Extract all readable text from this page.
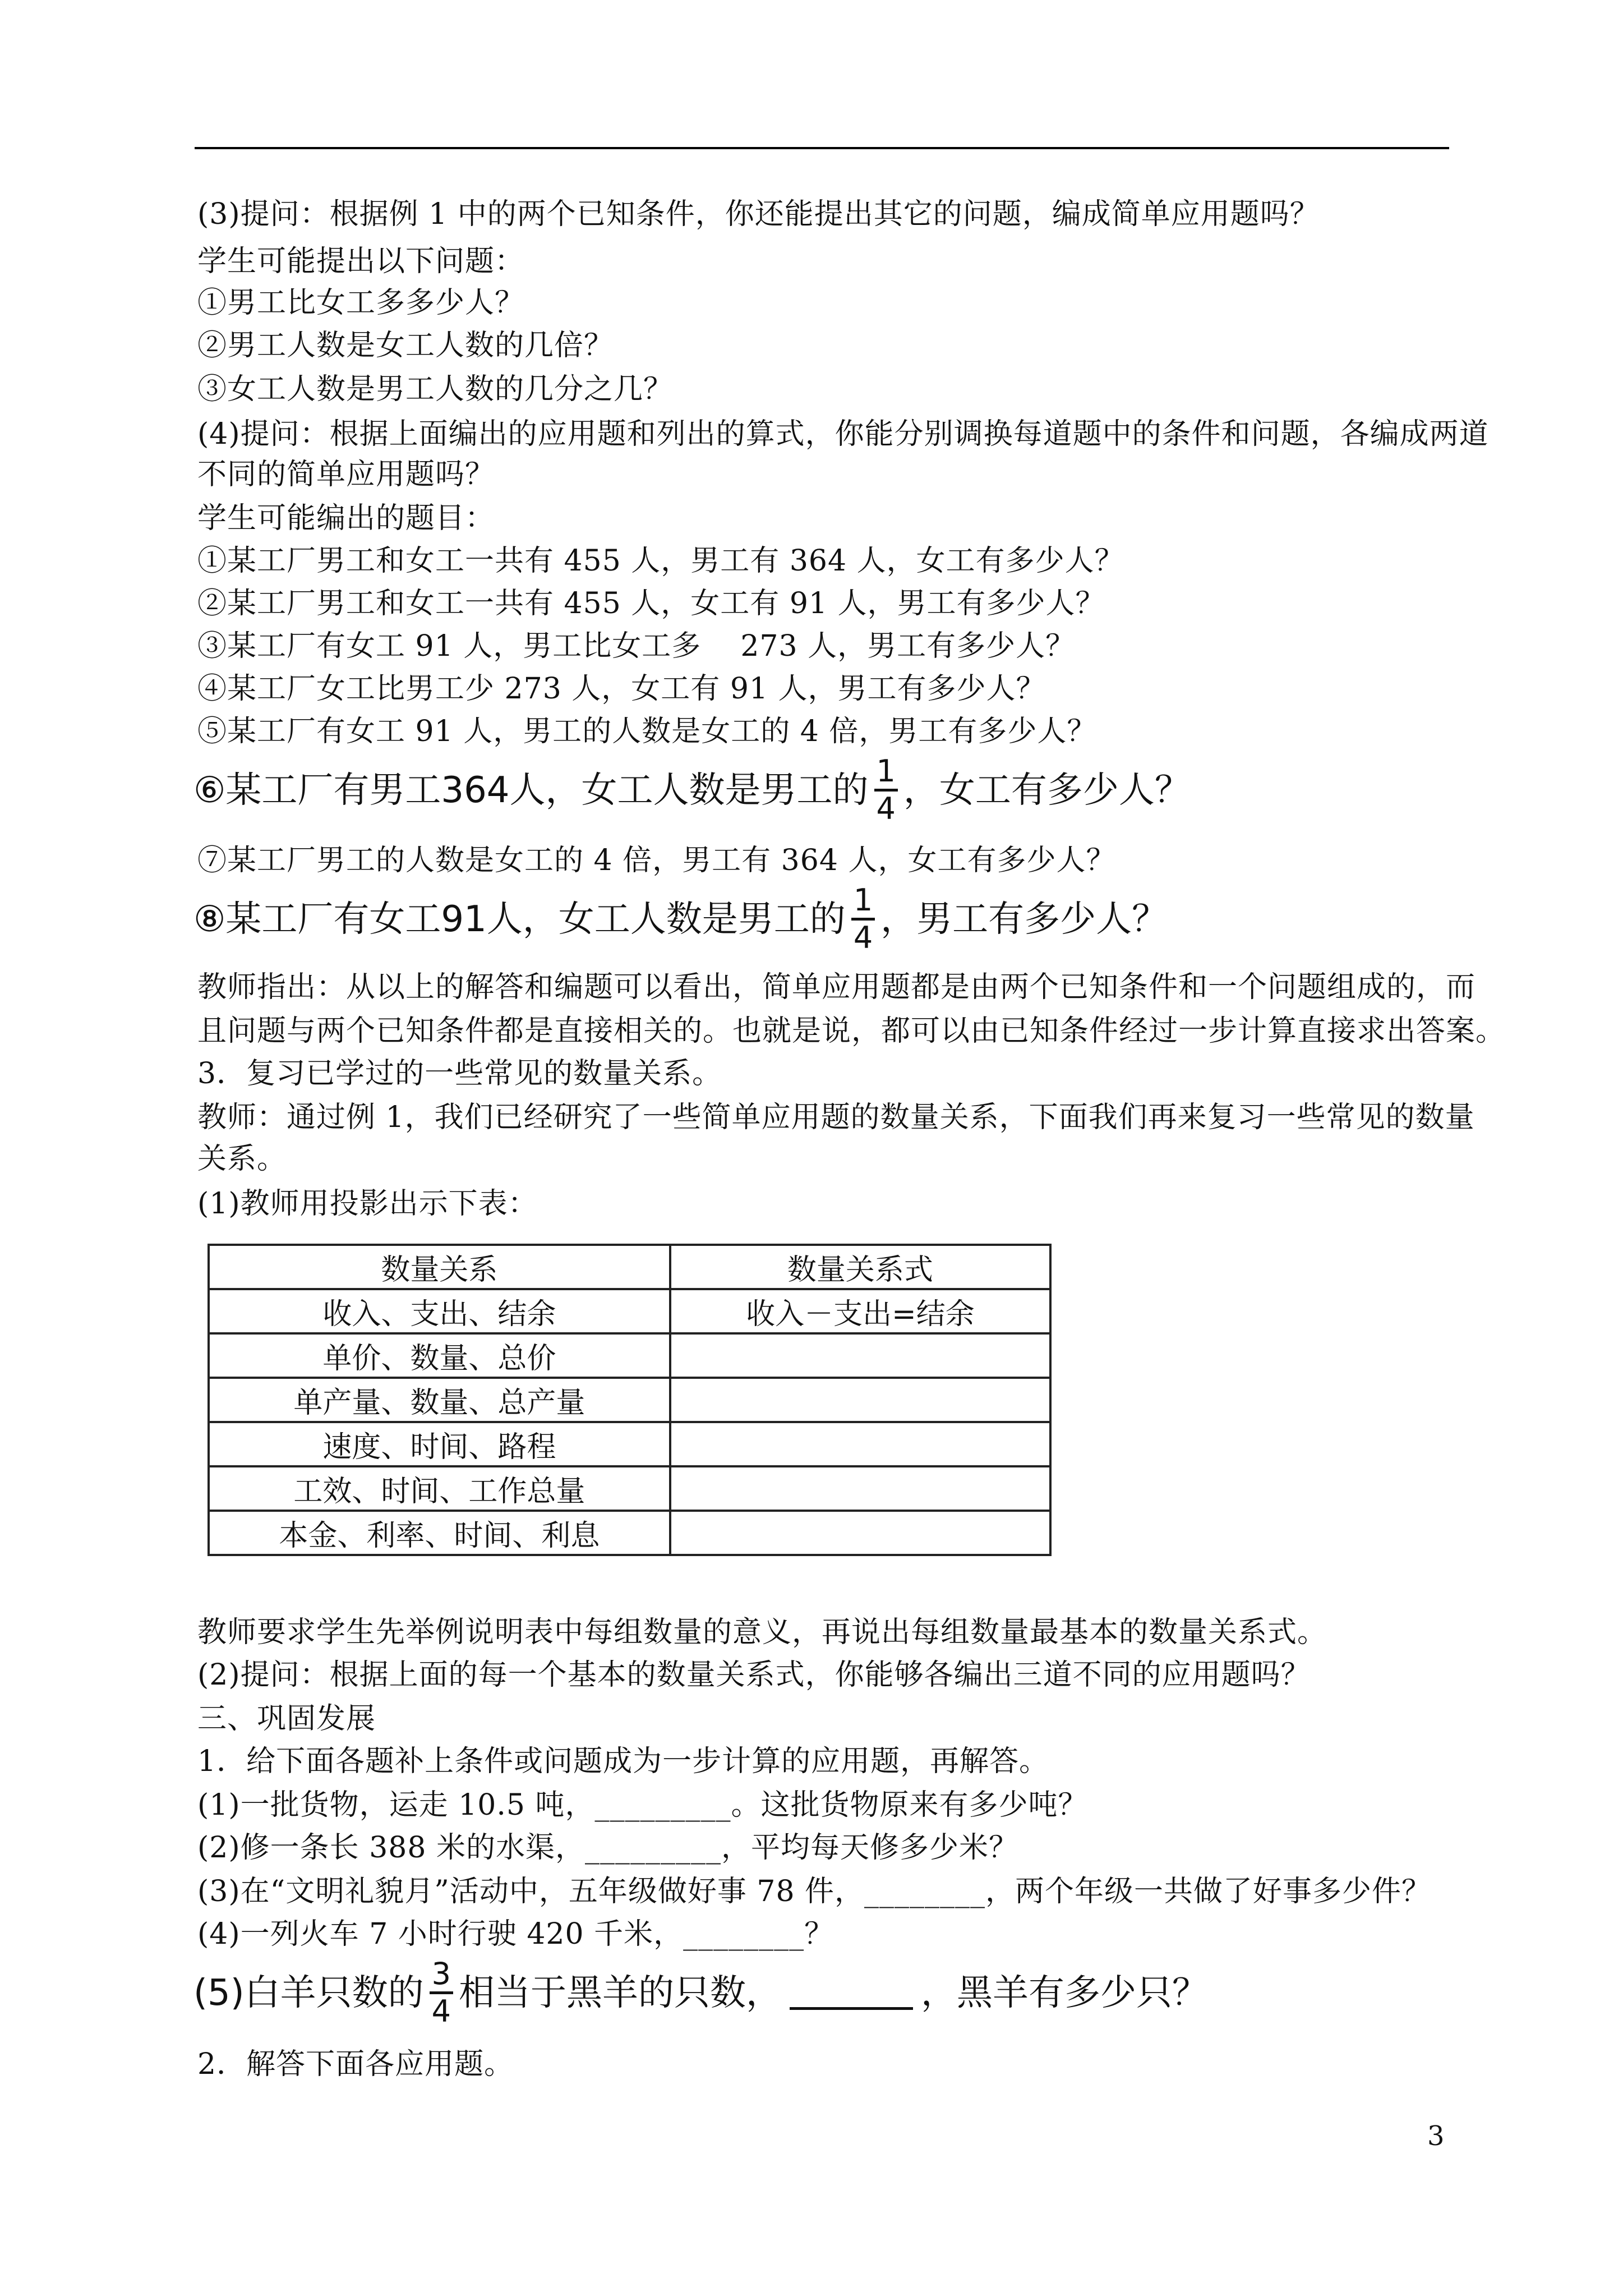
(3)提问：根据例 1 中的两个已知条件，你还能提出其它的问题，编成简单应用题吗？
学生可能提出以下问题：
①男工比女工多多少人？
②男工人数是女工人数的几倍？
③女工人数是男工人数的几分之几？
(4)提问：根据上面编出的应用题和列出的算式，你能分别调换每道题中的条件和问题，各编成两道
不同的简单应用题吗？
学生可能编出的题目：
①某工厂男工和女工一共有 455 人，男工有 364 人，女工有多少人？
②某工厂男工和女工一共有 455 人，女工有 91 人，男工有多少人？
③某工厂有女工 91 人，男工比女工多    273 人，男工有多少人？
④某工厂女工比男工少 273 人，女工有 91 人，男工有多少人？
⑤某工厂有女工 91 人，男工的人数是女工的 4 倍，男工有多少人？
⑥某工厂有男工364人，女工人数是男工的 1
4 ，女工有多少人？
⑦某工厂男工的人数是女工的 4 倍，男工有 364 人，女工有多少人？
⑧某工厂有女工91人，女工人数是男工的 1
4 ，男工有多少人？
教师指出：从以上的解答和编题可以看出，简单应用题都是由两个已知条件和一个问题组成的，而
且问题与两个已知条件都是直接相关的。也就是说，都可以由已知条件经过一步计算直接求出答案。
3．复习已学过的一些常见的数量关系。
教师：通过例 1，我们已经研究了一些简单应用题的数量关系，下面我们再来复习一些常见的数量
关系。
(1)教师用投影出示下表：
数量关系	数量关系式
收入、支出、结余	收入－支出=结余
单价、数量、总价	
单产量、数量、总产量	
速度、时间、路程	
工效、时间、工作总量	
本金、利率、时间、利息	
教师要求学生先举例说明表中每组数量的意义，再说出每组数量最基本的数量关系式。
(2)提问：根据上面的每一个基本的数量关系式，你能够各编出三道不同的应用题吗？
三、巩固发展
1．给下面各题补上条件或问题成为一步计算的应用题，再解答。
(1)一批货物，运走 10.5 吨，_________。这批货物原来有多少吨？
(2)修一条长 388 米的水渠，_________，平均每天修多少米？
(3)在“文明礼貌月”活动中，五年级做好事 78 件，________，两个年级一共做了好事多少件？
(4)一列火车 7 小时行驶 420 千米，________？
(5)白羊只数的 3
4 相当于黑羊的只数，	，黑羊有多少只？
2．解答下面各应用题。
3
